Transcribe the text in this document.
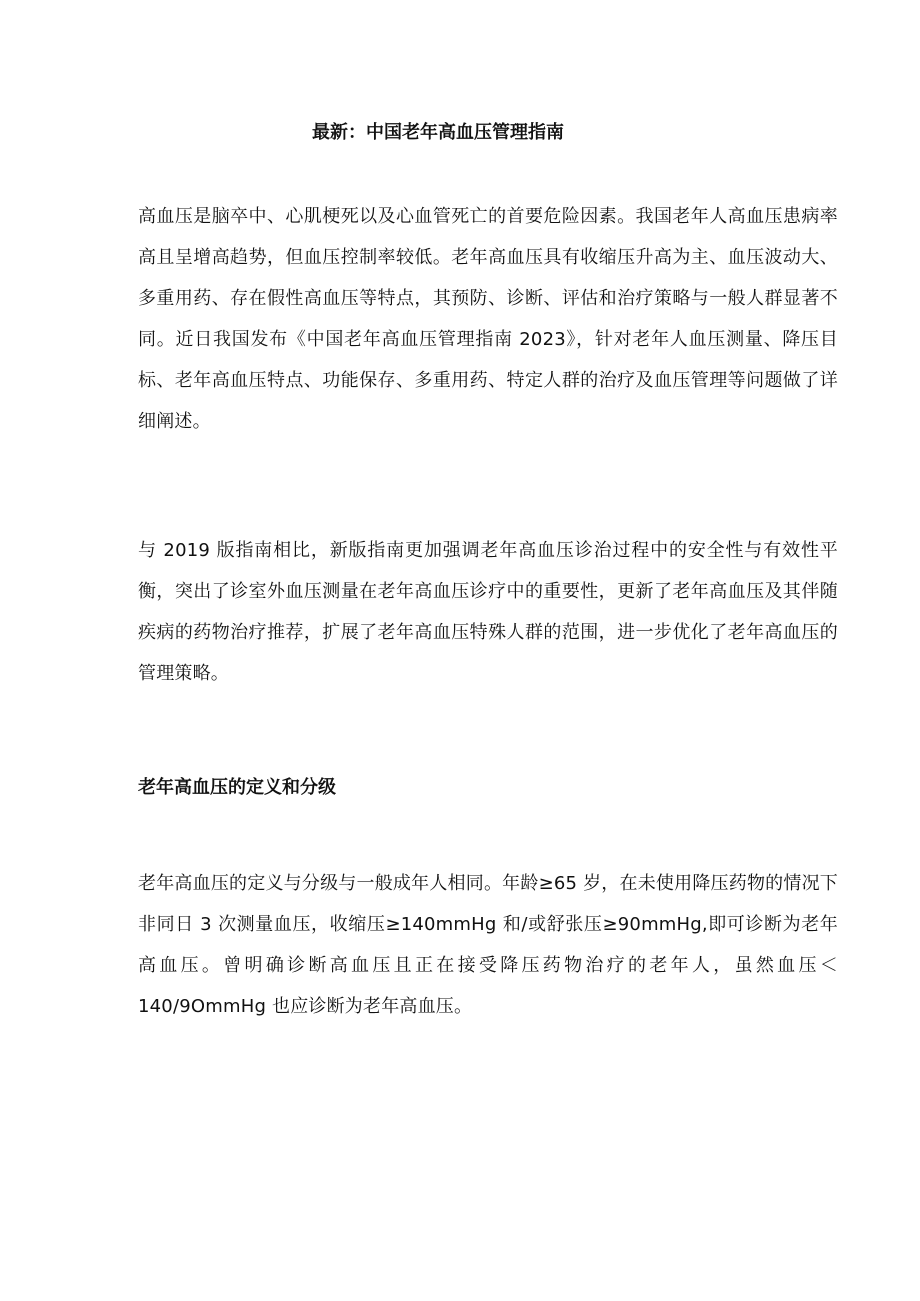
最新：中国老年高血压管理指南

高血压是脑卒中、心肌梗死以及心血管死亡的首要危险因素。我国老年人高血压患病率高且呈增高趋势，但血压控制率较低。老年高血压具有收缩压升高为主、血压波动大、多重用药、存在假性高血压等特点，其预防、诊断、评估和治疗策略与一般人群显著不同。近日我国发布《中国老年高血压管理指南 2023》，针对老年人血压测量、降压目标、老年高血压特点、功能保存、多重用药、特定人群的治疗及血压管理等问题做了详细阐述。

与 2019 版指南相比，新版指南更加强调老年高血压诊治过程中的安全性与有效性平衡，突出了诊室外血压测量在老年高血压诊疗中的重要性，更新了老年高血压及其伴随疾病的药物治疗推荐，扩展了老年高血压特殊人群的范围，进一步优化了老年高血压的管理策略。

老年高血压的定义和分级

老年高血压的定义与分级与一般成年人相同。年龄≥65 岁，在未使用降压药物的情况下非同日 3 次测量血压，收缩压≥140mmHg 和/或舒张压≥90mmHg,即可诊断为老年高血压。曾明确诊断高血压且正在接受降压药物治疗的老年人，虽然血压＜140/9OmmHg 也应诊断为老年高血压。
